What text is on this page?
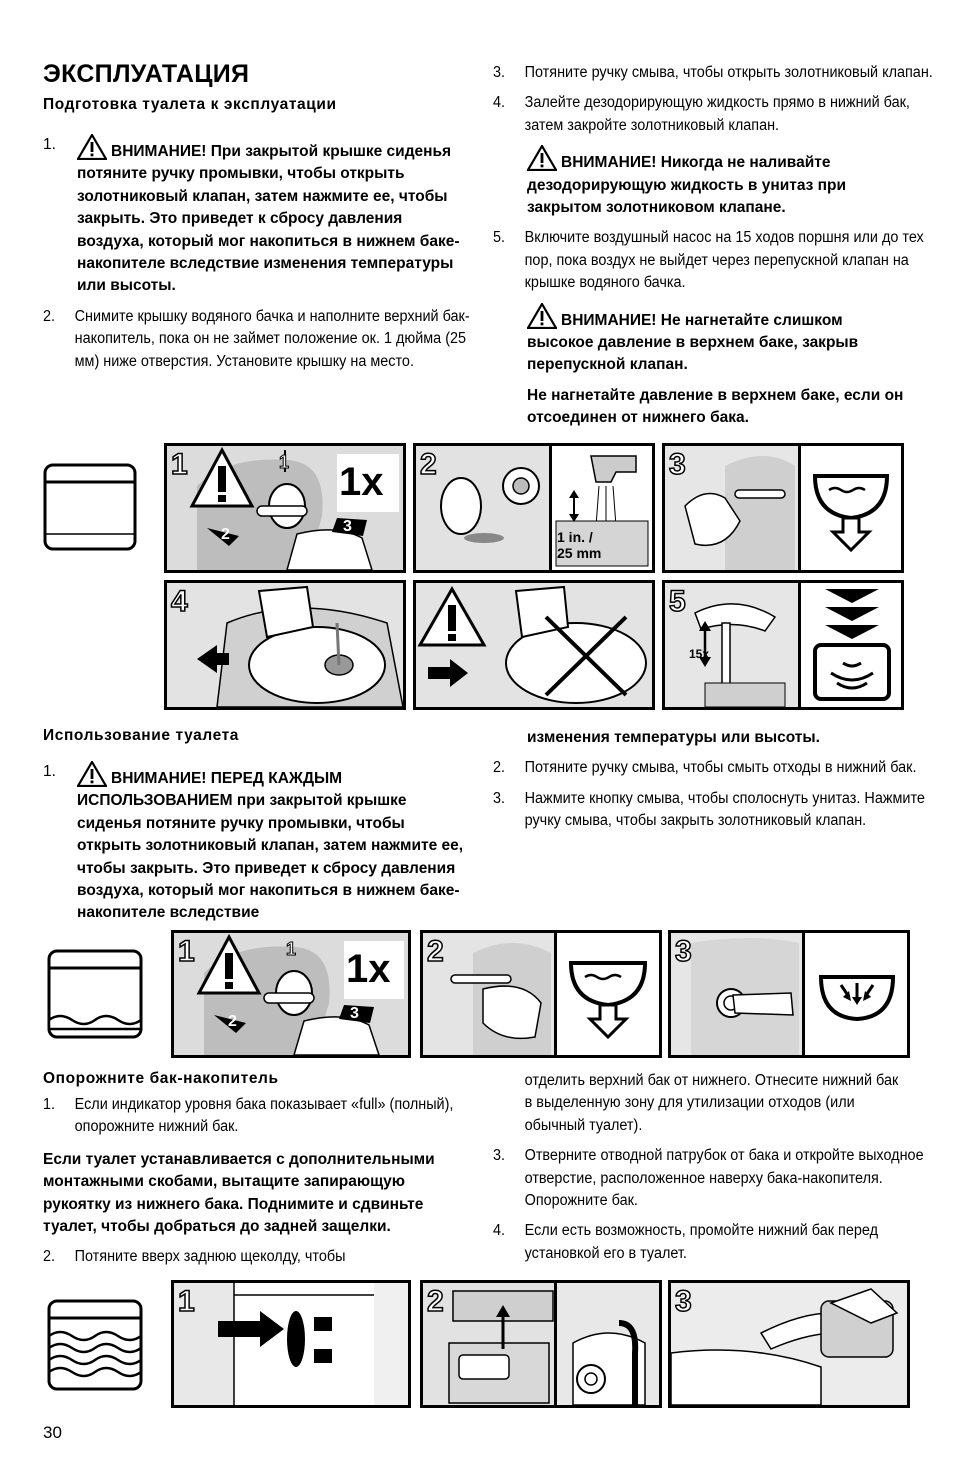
ЭКСПЛУАТАЦИЯ
Подготовка туалета к эксплуатации
1.	ВНИМАНИЕ! При закрытой крышке сиденья потяните ручку промывки, чтобы открыть золотниковый клапан, затем нажмите ее, чтобы закрыть. Это приведет к сбросу давления воздуха, который мог накопиться в нижнем баке-накопителе вследствие изменения температуры или высоты.
2. Снимите крышку водяного бачка и наполните верхний бак-накопитель, пока он не займет положение ок. 1 дюйма (25 мм) ниже отверстия. Установите крышку на место.
3. Потяните ручку смыва, чтобы открыть золотниковый клапан.
4. Залейте дезодорирующую жидкость прямо в нижний бак, затем закройте золотниковый клапан.
ВНИМАНИЕ! Никогда не наливайте дезодорирующую жидкость в унитаз при закрытом золотниковом клапане.
5. Включите воздушный насос на 15 ходов поршня или до тех пор, пока воздух не выйдет через перепускной клапан на крышке водяного бачка.
ВНИМАНИЕ! Не нагнетайте слишком высокое давление в верхнем баке, закрыв перепускной клапан.
Не нагнетайте давление в верхнем баке, если он отсоединен от нижнего бака.
1	1x
1
2	3
2
1 in. /
25 mm
3
4	5
15x
Использование туалета
1.	ВНИМАНИЕ! ПЕРЕД КАЖДЫМ ИСПОЛЬЗОВАНИЕМ при закрытой крышке сиденья потяните ручку промывки, чтобы открыть золотниковый клапан, затем нажмите ее, чтобы закрыть. Это приведет к сбросу давления воздуха, который мог накопиться в нижнем баке-накопителе вследствие
изменения температуры или высоты.
2. Потяните ручку смыва, чтобы смыть отходы в нижний бак.
3. Нажмите кнопку смыва, чтобы сполоснуть унитаз. Нажмите ручку смыва, чтобы закрыть золотниковый клапан.
1	1x
1
2	3
2	3
Опорожните бак-накопитель
1. Если индикатор уровня бака показывает «full» (полный), опорожните нижний бак.
Если туалет устанавливается с дополнительными монтажными скобами, вытащите запирающую рукоятку из нижнего бака. Поднимите и сдвиньте туалет, чтобы добраться до задней защелки.
2. Потяните вверх заднюю щеколду, чтобы
отделить верхний бак от нижнего. Отнесите нижний бак в выделенную зону для утилизации отходов (или обычный туалет).
3. Отверните отводной патрубок от бака и откройте выходное отверстие, расположенное наверху бака-накопителя. Опорожните бак.
4. Если есть возможность, промойте нижний бак перед установкой его в туалет.
1	2	3
30
